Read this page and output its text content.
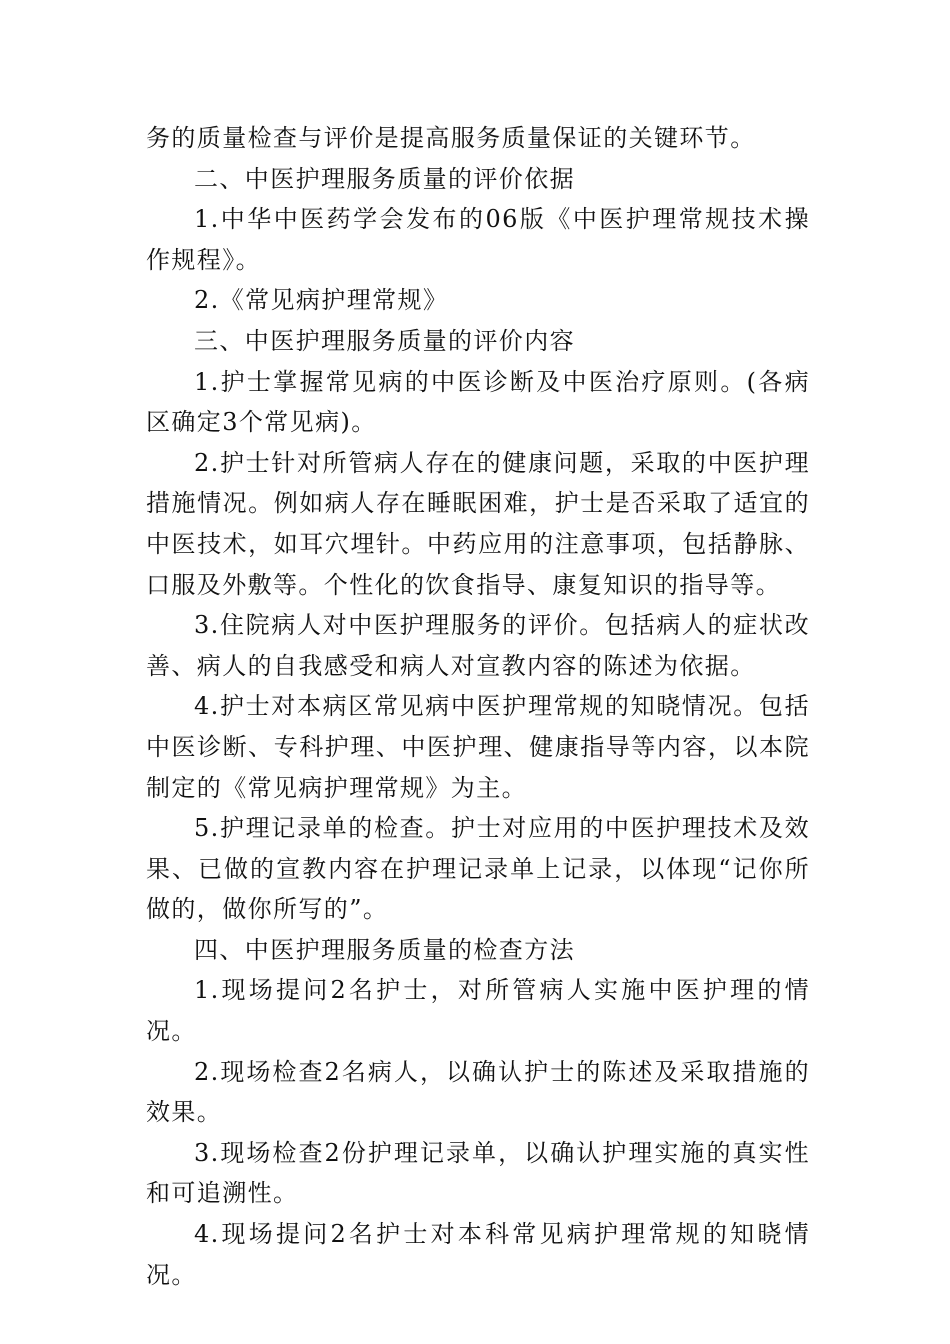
务的质量检查与评价是提高服务质量保证的关键环节。

二、中医护理服务质量的评价依据

1.中华中医药学会发布的06版《中医护理常规技术操作规程》。

2.《常见病护理常规》

三、中医护理服务质量的评价内容

1.护士掌握常见病的中医诊断及中医治疗原则。(各病区确定3个常见病)。

2.护士针对所管病人存在的健康问题，采取的中医护理措施情况。例如病人存在睡眠困难，护士是否采取了适宜的中医技术，如耳穴埋针。中药应用的注意事项，包括静脉、口服及外敷等。个性化的饮食指导、康复知识的指导等。

3.住院病人对中医护理服务的评价。包括病人的症状改善、病人的自我感受和病人对宣教内容的陈述为依据。

4.护士对本病区常见病中医护理常规的知晓情况。包括中医诊断、专科护理、中医护理、健康指导等内容，以本院制定的《常见病护理常规》为主。

5.护理记录单的检查。护士对应用的中医护理技术及效果、已做的宣教内容在护理记录单上记录，以体现“记你所做的，做你所写的”。

四、中医护理服务质量的检查方法

1.现场提问2名护士，对所管病人实施中医护理的情况。

2.现场检查2名病人，以确认护士的陈述及采取措施的效果。

3.现场检查2份护理记录单，以确认护理实施的真实性和可追溯性。

4.现场提问2名护士对本科常见病护理常规的知晓情况。
